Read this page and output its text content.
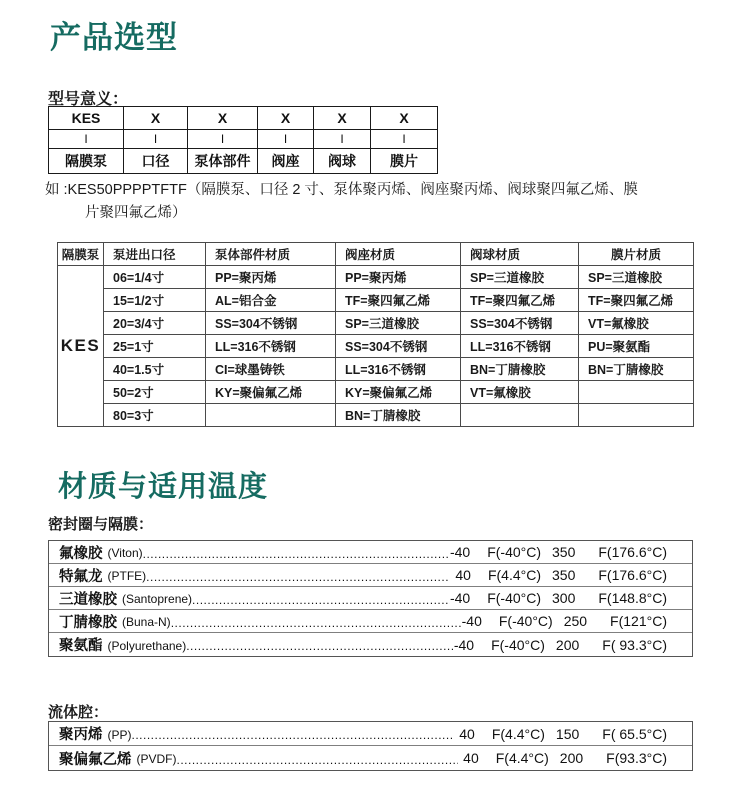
产品选型
型号意义：
KES	X	X	X	X	X
I	I	I	I	I	I
隔膜泵	口径	泵体部件	阀座	阀球	膜片
如 :KES50PPPPTFTF（隔膜泵、口径 2 寸、泵体聚丙烯、阀座聚丙烯、阀球聚四氟乙烯、膜
片聚四氟乙烯）
隔膜泵	泵进出口径	泵体部件材质	阀座材质	阀球材质	膜片材质
KES	06=1/4寸	PP=聚丙烯	PP=聚丙烯	SP=三道橡胶	SP=三道橡胶
	15=1/2寸	AL=铝合金	TF=聚四氟乙烯	TF=聚四氟乙烯	TF=聚四氟乙烯
	20=3/4寸	SS=304不锈钢	SP=三道橡胶	SS=304不锈钢	VT=氟橡胶
	25=1寸	LL=316不锈钢	SS=304不锈钢	LL=316不锈钢	PU=聚氨酯
	40=1.5寸	CI=球墨铸铁	LL=316不锈钢	BN=丁腈橡胶	BN=丁腈橡胶
	50=2寸	KY=聚偏氟乙烯	KY=聚偏氟乙烯	VT=氟橡胶	
	80=3寸		BN=丁腈橡胶		
材质与适用温度
密封圈与隔膜：
氟橡胶 (Viton) .....	-40 F(-40 °C) 350 F(176.6 °C)
特氟龙 (PTFE) .....	40 F(4.4 °C) 350 F(176.6 °C)
三道橡胶 (Santoprene) .....	-40 F(-40 °C) 300 F(148.8 °C)
丁腈橡胶 (Buna-N) .....	-40 F(-40 °C) 250 F(121 °C)
聚氨酯 (Polyurethane) .....	-40 F(-40 °C) 200 F( 93.3 °C)
流体腔：
聚丙烯 (PP) .....	40 F(4.4 °C) 150 F( 65.5 °C)
聚偏氟乙烯 (PVDF) .....	40 F(4.4 °C) 200 F(93.3 °C)
